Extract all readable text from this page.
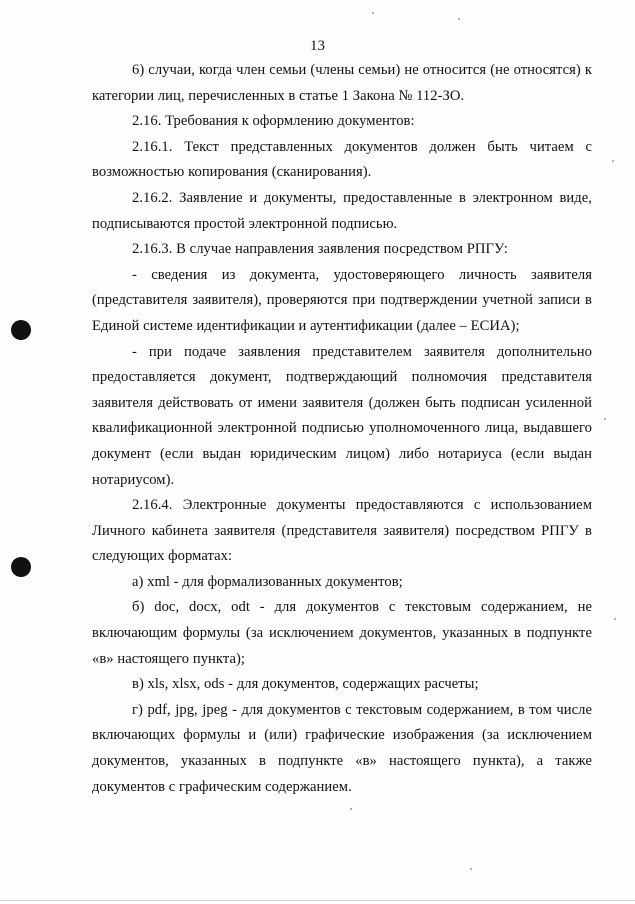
13

6) случаи, когда член семьи (члены семьи) не относится (не относятся) к категории лиц, перечисленных в статье 1 Закона № 112-ЗО.

2.16. Требования к оформлению документов:

2.16.1. Текст представленных документов должен быть читаем с возможностью копирования (сканирования).

2.16.2. Заявление и документы, предоставленные в электронном виде, подписываются простой электронной подписью.

2.16.3. В случае направления заявления посредством РПГУ:

- сведения из документа, удостоверяющего личность заявителя (представителя заявителя), проверяются при подтверждении учетной записи в Единой системе идентификации и аутентификации (далее – ЕСИА);

- при подаче заявления представителем заявителя дополнительно предоставляется документ, подтверждающий полномочия представителя заявителя действовать от имени заявителя (должен быть подписан усиленной квалификационной электронной подписью уполномоченного лица, выдавшего документ (если выдан юридическим лицом) либо нотариуса (если выдан нотариусом).

2.16.4. Электронные документы предоставляются с использованием Личного кабинета заявителя (представителя заявителя) посредством РПГУ в следующих форматах:

а) xml - для формализованных документов;

б) doc, docx, odt - для документов с текстовым содержанием, не включающим формулы (за исключением документов, указанных в подпункте «в» настоящего пункта);

в) xls, xlsx, ods - для документов, содержащих расчеты;

г) pdf, jpg, jpeg - для документов с текстовым содержанием, в том числе включающих формулы и (или) графические изображения (за исключением документов, указанных в подпункте «в» настоящего пункта), а также документов с графическим содержанием.
